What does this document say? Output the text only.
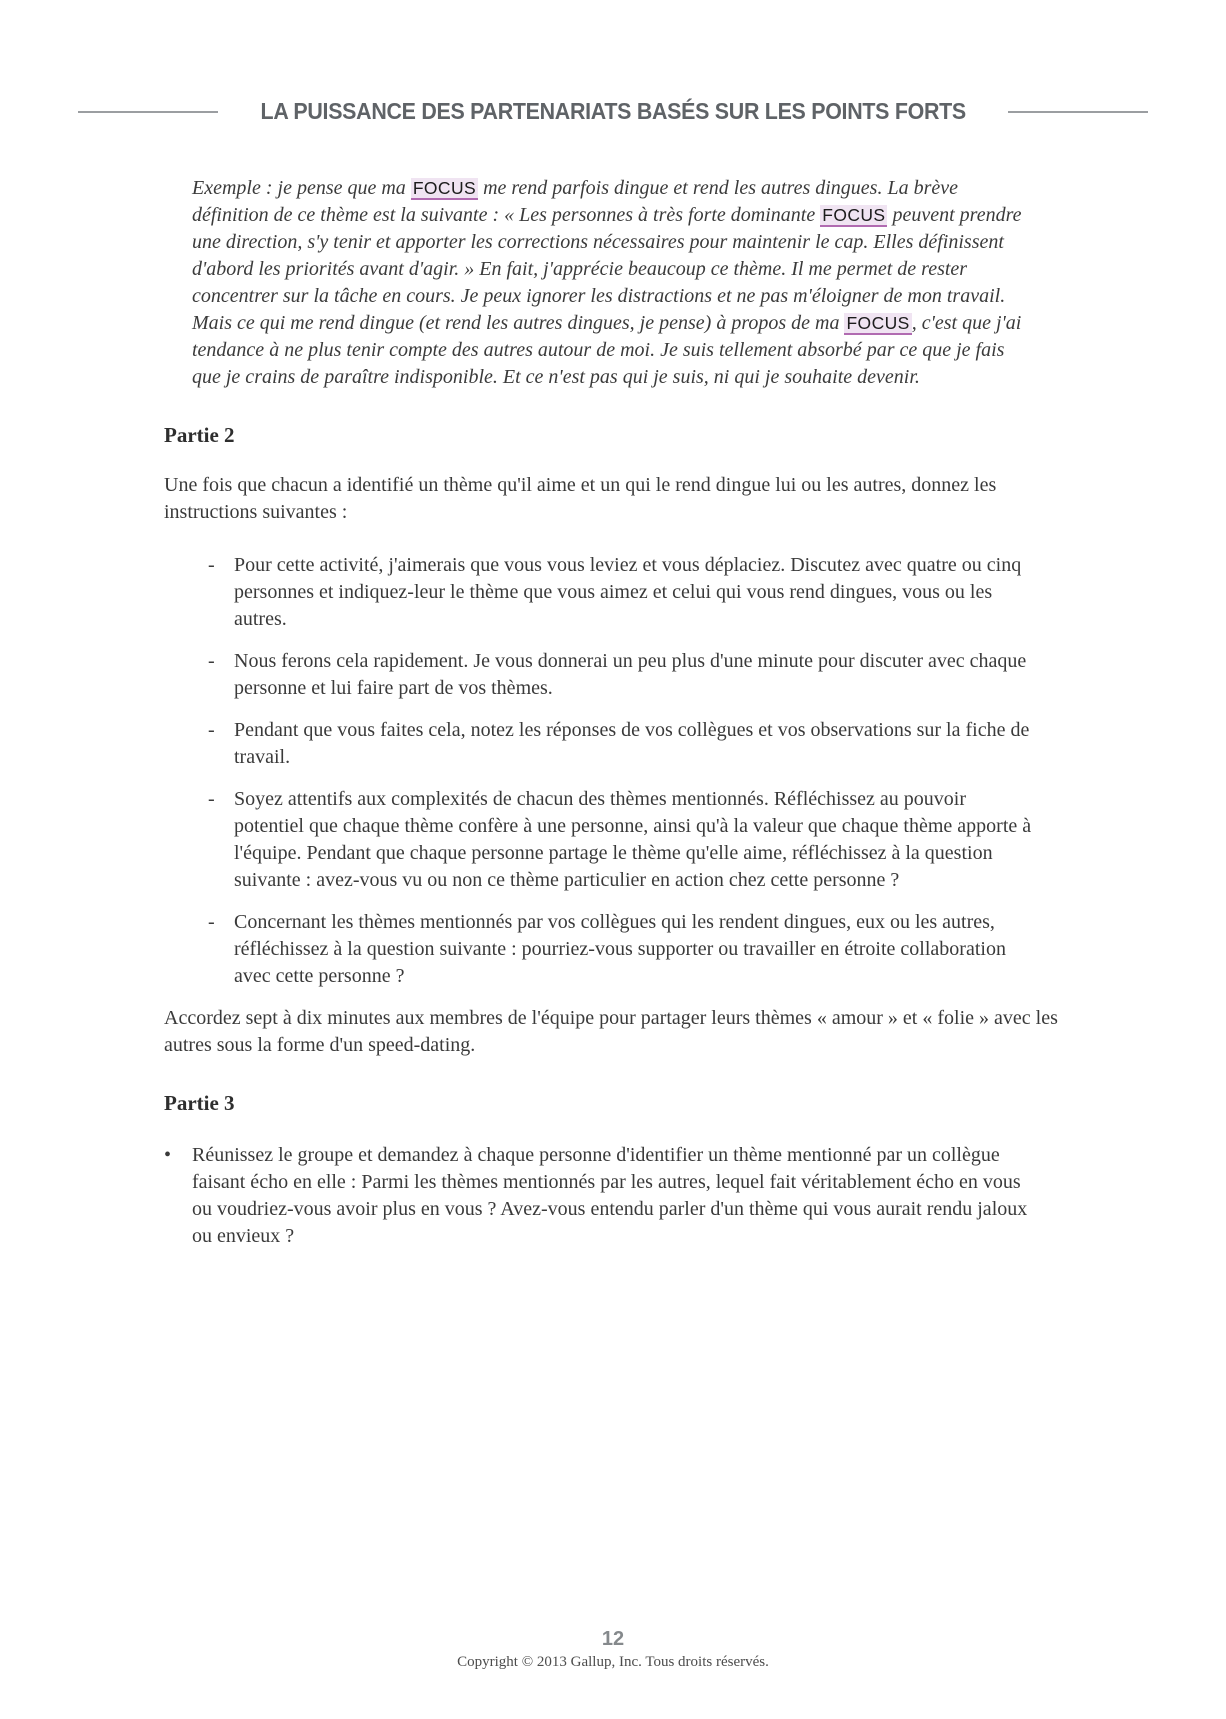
LA PUISSANCE DES PARTENARIATS BASÉS SUR LES POINTS FORTS
Exemple : je pense que ma FOCUS me rend parfois dingue et rend les autres dingues. La brève définition de ce thème est la suivante : « Les personnes à très forte dominante FOCUS peuvent prendre une direction, s'y tenir et apporter les corrections nécessaires pour maintenir le cap. Elles définissent d'abord les priorités avant d'agir. » En fait, j'apprécie beaucoup ce thème. Il me permet de rester concentrer sur la tâche en cours. Je peux ignorer les distractions et ne pas m'éloigner de mon travail. Mais ce qui me rend dingue (et rend les autres dingues, je pense) à propos de ma FOCUS , c'est que j'ai tendance à ne plus tenir compte des autres autour de moi. Je suis tellement absorbé par ce que je fais que je crains de paraître indisponible. Et ce n'est pas qui je suis, ni qui je souhaite devenir.
Partie 2

Une fois que chacun a identifié un thème qu'il aime et un qui le rend dingue lui ou les autres, donnez les instructions suivantes :

- Pour cette activité, j'aimerais que vous vous leviez et vous déplaciez. Discutez avec quatre ou cinq personnes et indiquez-leur le thème que vous aimez et celui qui vous rend dingues, vous ou les autres.
- Nous ferons cela rapidement. Je vous donnerai un peu plus d'une minute pour discuter avec chaque personne et lui faire part de vos thèmes.
- Pendant que vous faites cela, notez les réponses de vos collègues et vos observations sur la fiche de travail.
- Soyez attentifs aux complexités de chacun des thèmes mentionnés. Réfléchissez au pouvoir potentiel que chaque thème confère à une personne, ainsi qu'à la valeur que chaque thème apporte à l'équipe. Pendant que chaque personne partage le thème qu'elle aime, réfléchissez à la question suivante : avez-vous vu ou non ce thème particulier en action chez cette personne ?
- Concernant les thèmes mentionnés par vos collègues qui les rendent dingues, eux ou les autres, réfléchissez à la question suivante : pourriez-vous supporter ou travailler en étroite collaboration avec cette personne ?

Accordez sept à dix minutes aux membres de l'équipe pour partager leurs thèmes « amour » et « folie » avec les autres sous la forme d'un speed-dating.

Partie 3
• Réunissez le groupe et demandez à chaque personne d'identifier un thème mentionné par un collègue faisant écho en elle : Parmi les thèmes mentionnés par les autres, lequel fait véritablement écho en vous ou voudriez-vous avoir plus en vous ? Avez-vous entendu parler d'un thème qui vous aurait rendu jaloux ou envieux ?
12
Copyright © 2013 Gallup, Inc. Tous droits réservés.
